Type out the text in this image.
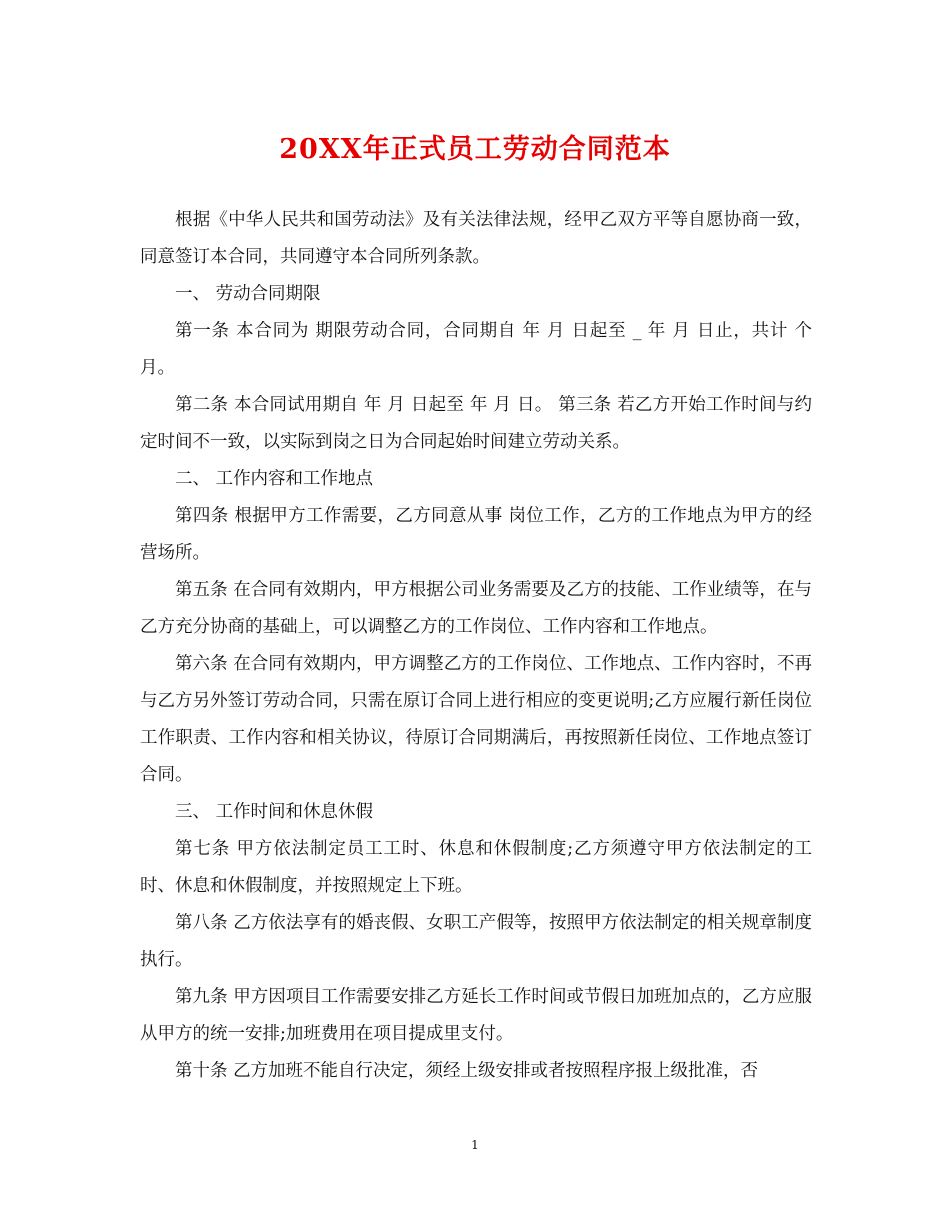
20XX年正式员工劳动合同范本

根据《中华人民共和国劳动法》及有关法律法规，经甲乙双方平等自愿协商一致，同意签订本合同，共同遵守本合同所列条款。

一、 劳动合同期限

第一条 本合同为 期限劳动合同，合同期自 年 月 日起至 _ 年 月 日止，共计 个月。

第二条 本合同试用期自 年 月 日起至 年 月 日。 第三条 若乙方开始工作时间与约定时间不一致，以实际到岗之日为合同起始时间建立劳动关系。

二、 工作内容和工作地点

第四条 根据甲方工作需要，乙方同意从事 岗位工作，乙方的工作地点为甲方的经营场所。

第五条 在合同有效期内，甲方根据公司业务需要及乙方的技能、工作业绩等，在与乙方充分协商的基础上，可以调整乙方的工作岗位、工作内容和工作地点。

第六条 在合同有效期内，甲方调整乙方的工作岗位、工作地点、工作内容时，不再与乙方另外签订劳动合同，只需在原订合同上进行相应的变更说明;乙方应履行新任岗位工作职责、工作内容和相关协议，待原订合同期满后，再按照新任岗位、工作地点签订合同。

三、 工作时间和休息休假

第七条 甲方依法制定员工工时、休息和休假制度;乙方须遵守甲方依法制定的工时、休息和休假制度，并按照规定上下班。

第八条 乙方依法享有的婚丧假、女职工产假等，按照甲方依法制定的相关规章制度执行。

第九条 甲方因项目工作需要安排乙方延长工作时间或节假日加班加点的，乙方应服从甲方的统一安排;加班费用在项目提成里支付。

第十条 乙方加班不能自行决定，须经上级安排或者按照程序报上级批准，否

1
